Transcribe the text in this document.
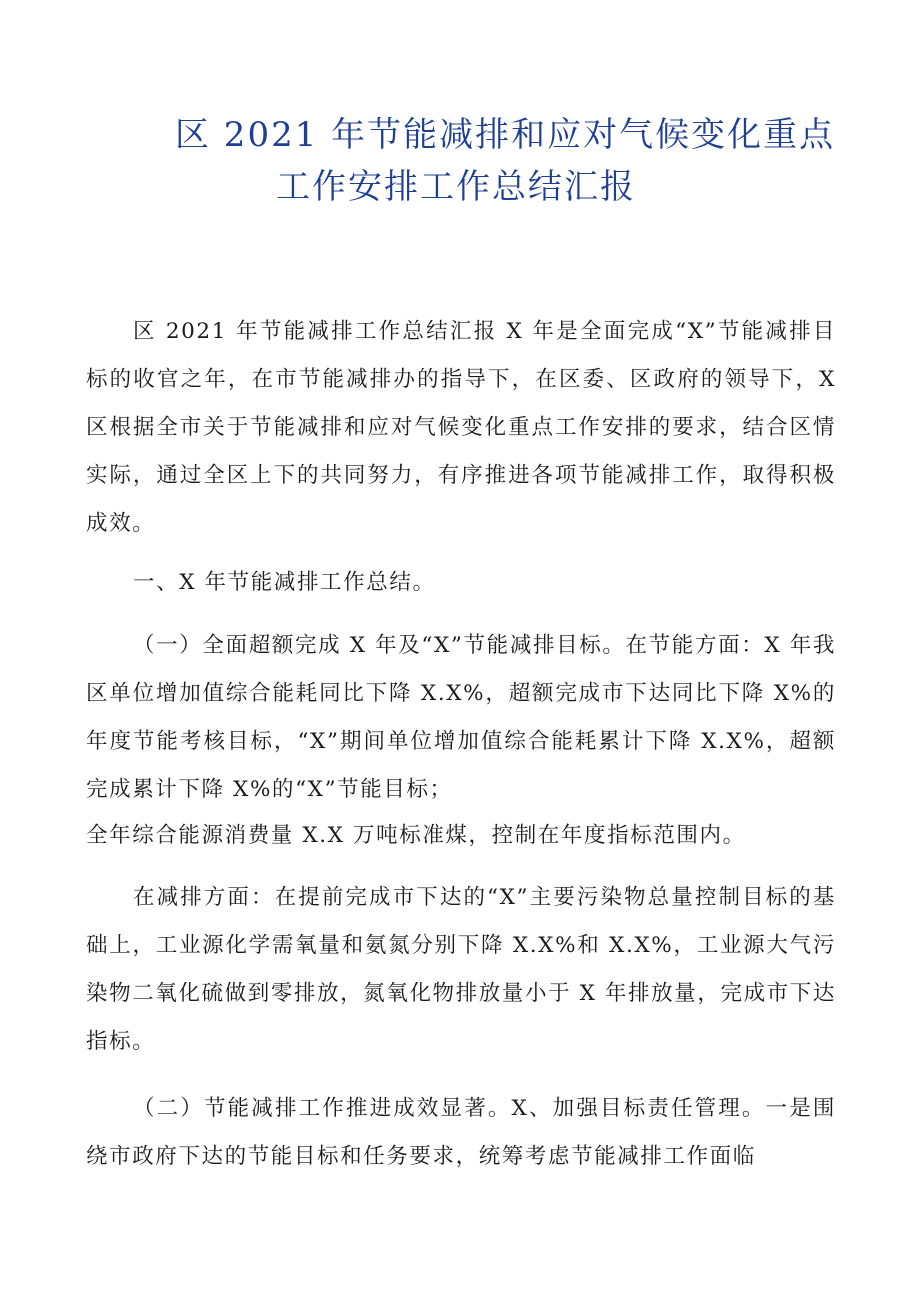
区 2021 年节能减排和应对气候变化重点
工作安排工作总结汇报
区 2021 年节能减排工作总结汇报 X 年是全面完成“X”节能减排目标的收官之年，在市节能减排办的指导下，在区委、区政府的领导下，X 区根据全市关于节能减排和应对气候变化重点工作安排的要求，结合区情实际，通过全区上下的共同努力，有序推进各项节能减排工作，取得积极成效。
一、X 年节能减排工作总结。
（一）全面超额完成 X 年及“X”节能减排目标。在节能方面：X 年我区单位增加值综合能耗同比下降 X.X%，超额完成市下达同比下降 X%的年度节能考核目标，“X”期间单位增加值综合能耗累计下降 X.X%，超额完成累计下降 X%的“X”节能目标；
全年综合能源消费量 X.X 万吨标准煤，控制在年度指标范围内。
在减排方面：在提前完成市下达的“X”主要污染物总量控制目标的基础上，工业源化学需氧量和氨氮分别下降 X.X%和 X.X%，工业源大气污染物二氧化硫做到零排放，氮氧化物排放量小于 X 年排放量，完成市下达指标。
（二）节能减排工作推进成效显著。X、加强目标责任管理。一是围绕市政府下达的节能目标和任务要求，统筹考虑节能减排工作面临
